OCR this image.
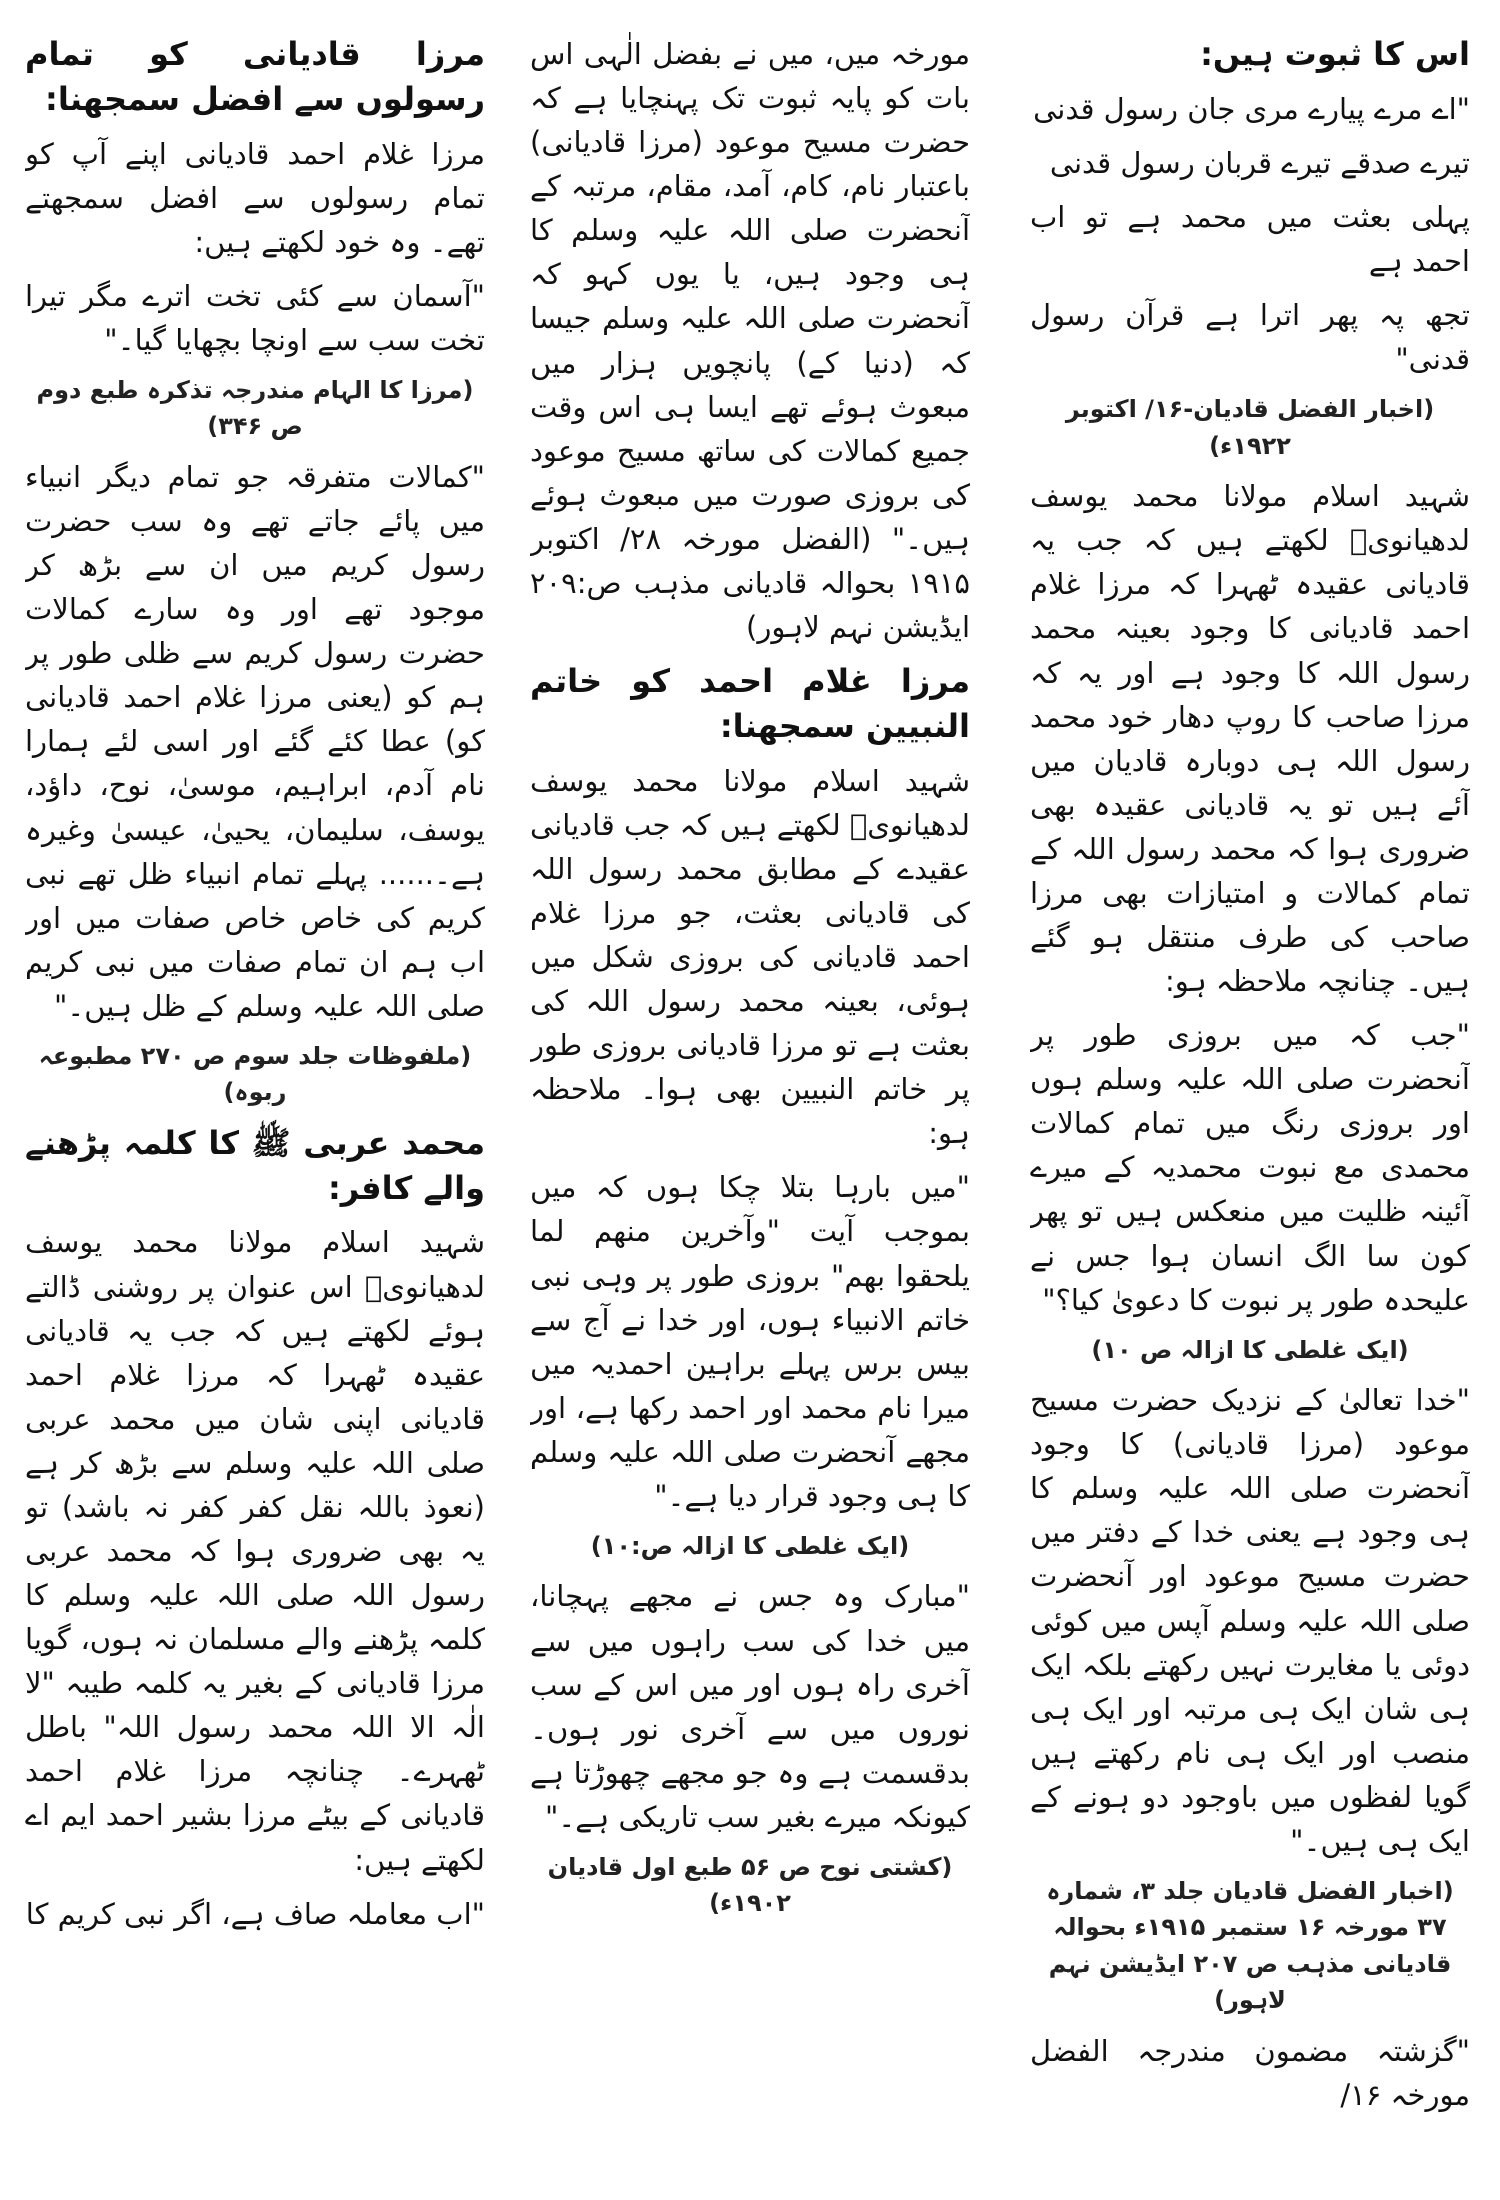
اس کا ثبوت ہیں:
"اے مرے پیارے مری جان رسول قدنی
تیرے صدقے تیرے قربان رسول قدنی
پہلی بعثت میں محمد ہے تو اب احمد ہے
تجھ پہ پھر اترا ہے قرآن رسول قدنی"
(اخبار الفضل قادیان-۱۶/ اکتوبر ۱۹۲۲ء)
شہید اسلام مولانا محمد یوسف لدھیانویؒ لکھتے ہیں کہ جب یہ قادیانی عقیدہ ٹھہرا کہ مرزا غلام احمد قادیانی کا وجود بعینہ محمد رسول اللہ کا وجود ہے اور یہ کہ مرزا صاحب کا روپ دھار خود محمد رسول اللہ ہی دوبارہ قادیان میں آئے ہیں تو یہ قادیانی عقیدہ بھی ضروری ہوا کہ محمد رسول اللہ کے تمام کمالات و امتیازات بھی مرزا صاحب کی طرف منتقل ہو گئے ہیں۔ چنانچہ ملاحظہ ہو:
"جب کہ میں بروزی طور پر آنحضرت صلی اللہ علیہ وسلم ہوں اور بروزی رنگ میں تمام کمالات محمدی مع نبوت محمدیہ کے میرے آئینہ ظلیت میں منعکس ہیں تو پھر کون سا الگ انسان ہوا جس نے علیحدہ طور پر نبوت کا دعویٰ کیا؟"
(ایک غلطی کا ازالہ ص ۱۰)
"خدا تعالیٰ کے نزدیک حضرت مسیح موعود (مرزا قادیانی) کا وجود آنحضرت صلی اللہ علیہ وسلم کا ہی وجود ہے یعنی خدا کے دفتر میں حضرت مسیح موعود اور آنحضرت صلی اللہ علیہ وسلم آپس میں کوئی دوئی یا مغایرت نہیں رکھتے بلکہ ایک ہی شان ایک ہی مرتبہ اور ایک ہی منصب اور ایک ہی نام رکھتے ہیں گویا لفظوں میں باوجود دو ہونے کے ایک ہی ہیں۔"
(اخبار الفضل قادیان جلد ۳، شمارہ ۳۷ مورخہ ۱۶ ستمبر ۱۹۱۵ء بحوالہ قادیانی مذہب ص ۲۰۷ ایڈیشن نہم لاہور)
"گزشتہ مضمون مندرجہ الفضل مورخہ ۱۶/
مورخہ میں، میں نے بفضل الٰہی اس بات کو پایہ ثبوت تک پہنچایا ہے کہ حضرت مسیح موعود (مرزا قادیانی) باعتبار نام، کام، آمد، مقام، مرتبہ کے آنحضرت صلی اللہ علیہ وسلم کا ہی وجود ہیں، یا یوں کہو کہ آنحضرت صلی اللہ علیہ وسلم جیسا کہ (دنیا کے) پانچویں ہزار میں مبعوث ہوئے تھے ایسا ہی اس وقت جمیع کمالات کی ساتھ مسیح موعود کی بروزی صورت میں مبعوث ہوئے ہیں۔" (الفضل مورخہ ۲۸/ اکتوبر ۱۹۱۵ بحوالہ قادیانی مذہب ص:۲۰۹ ایڈیشن نہم لاہور)
مرزا غلام احمد کو خاتم النبیین سمجھنا:
شہید اسلام مولانا محمد یوسف لدھیانویؒ لکھتے ہیں کہ جب قادیانی عقیدے کے مطابق محمد رسول اللہ کی قادیانی بعثت، جو مرزا غلام احمد قادیانی کی بروزی شکل میں ہوئی، بعینہ محمد رسول اللہ کی بعثت ہے تو مرزا قادیانی بروزی طور پر خاتم النبیین بھی ہوا۔ ملاحظہ ہو:
"میں بارہا بتلا چکا ہوں کہ میں بموجب آیت "وآخرین منهم لما یلحقوا بهم" بروزی طور پر وہی نبی خاتم الانبیاء ہوں، اور خدا نے آج سے بیس برس پہلے براہین احمدیہ میں میرا نام محمد اور احمد رکھا ہے، اور مجھے آنحضرت صلی اللہ علیہ وسلم کا ہی وجود قرار دیا ہے۔"
(ایک غلطی کا ازالہ ص:۱۰)
"مبارک وہ جس نے مجھے پہچانا، میں خدا کی سب راہوں میں سے آخری راہ ہوں اور میں اس کے سب نوروں میں سے آخری نور ہوں۔ بدقسمت ہے وہ جو مجھے چھوڑتا ہے کیونکہ میرے بغیر سب تاریکی ہے۔"
(کشتی نوح ص ۵۶ طبع اول قادیان ۱۹۰۲ء)
مرزا قادیانی کو تمام رسولوں سے افضل سمجھنا:
مرزا غلام احمد قادیانی اپنے آپ کو تمام رسولوں سے افضل سمجھتے تھے۔ وہ خود لکھتے ہیں:
"آسمان سے کئی تخت اترے مگر تیرا تخت سب سے اونچا بچھایا گیا۔"
(مرزا کا الہام مندرجہ تذکرہ طبع دوم ص ۳۴۶)
"کمالات متفرقہ جو تمام دیگر انبیاء میں پائے جاتے تھے وہ سب حضرت رسول کریم میں ان سے بڑھ کر موجود تھے اور وہ سارے کمالات حضرت رسول کریم سے ظلی طور پر ہم کو (یعنی مرزا غلام احمد قادیانی کو) عطا کئے گئے اور اسی لئے ہمارا نام آدم، ابراہیم، موسیٰ، نوح، داؤد، یوسف، سلیمان، یحییٰ، عیسیٰ وغیرہ ہے۔...... پہلے تمام انبیاء ظل تھے نبی کریم کی خاص خاص صفات میں اور اب ہم ان تمام صفات میں نبی کریم صلی اللہ علیہ وسلم کے ظل ہیں۔"
(ملفوظات جلد سوم ص ۲۷۰ مطبوعہ ربوہ)
محمد عربی ﷺ کا کلمہ پڑھنے والے کافر:
شہید اسلام مولانا محمد یوسف لدھیانویؒ اس عنوان پر روشنی ڈالتے ہوئے لکھتے ہیں کہ جب یہ قادیانی عقیدہ ٹھہرا کہ مرزا غلام احمد قادیانی اپنی شان میں محمد عربی صلی اللہ علیہ وسلم سے بڑھ کر ہے (نعوذ باللہ نقل کفر کفر نہ باشد) تو یہ بھی ضروری ہوا کہ محمد عربی رسول اللہ صلی اللہ علیہ وسلم کا کلمہ پڑھنے والے مسلمان نہ ہوں، گویا مرزا قادیانی کے بغیر یہ کلمہ طیبہ "لا الٰہ الا اللہ محمد رسول اللہ" باطل ٹھہرے۔ چنانچہ مرزا غلام احمد قادیانی کے بیٹے مرزا بشیر احمد ایم اے لکھتے ہیں:
"اب معاملہ صاف ہے، اگر نبی کریم کا
